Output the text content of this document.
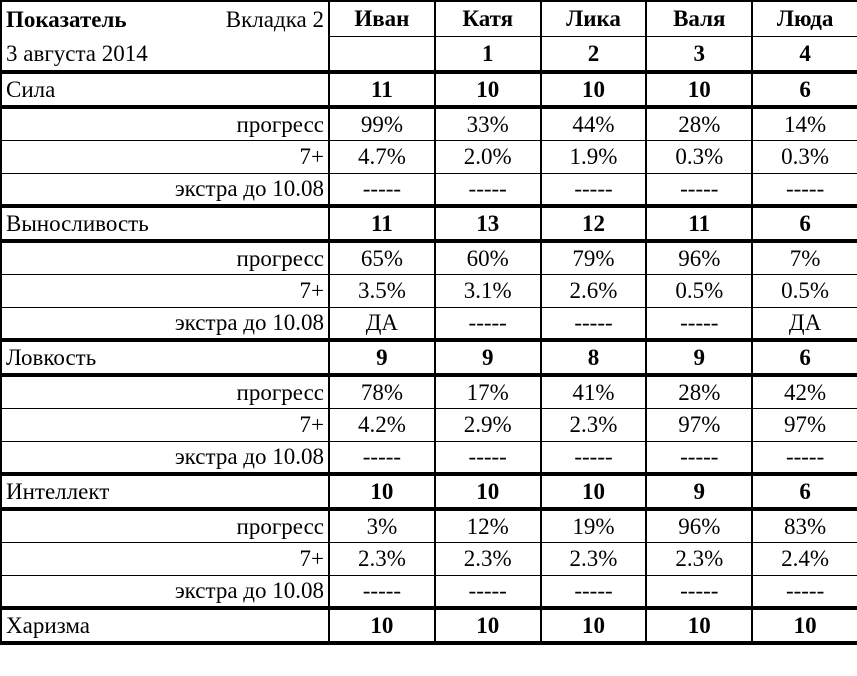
Показатель Вкладка 2	Иван	Катя	Лика	Валя	Люда
3 августа 2014		1	2	3	4
Сила	11	10	10	10	6
прогресс	99%	33%	44%	28%	14%
7+	4.7%	2.0%	1.9%	0.3%	0.3%
экстра до 10.08	-----	-----	-----	-----	-----
Выносливость	11	13	12	11	6
прогресс	65%	60%	79%	96%	7%
7+	3.5%	3.1%	2.6%	0.5%	0.5%
экстра до 10.08	ДА	-----	-----	-----	ДА
Ловкость	9	9	8	9	6
прогресс	78%	17%	41%	28%	42%
7+	4.2%	2.9%	2.3%	97%	97%
экстра до 10.08	-----	-----	-----	-----	-----
Интеллект	10	10	10	9	6
прогресс	3%	12%	19%	96%	83%
7+	2.3%	2.3%	2.3%	2.3%	2.4%
экстра до 10.08	-----	-----	-----	-----	-----
Харизма	10	10	10	10	10
